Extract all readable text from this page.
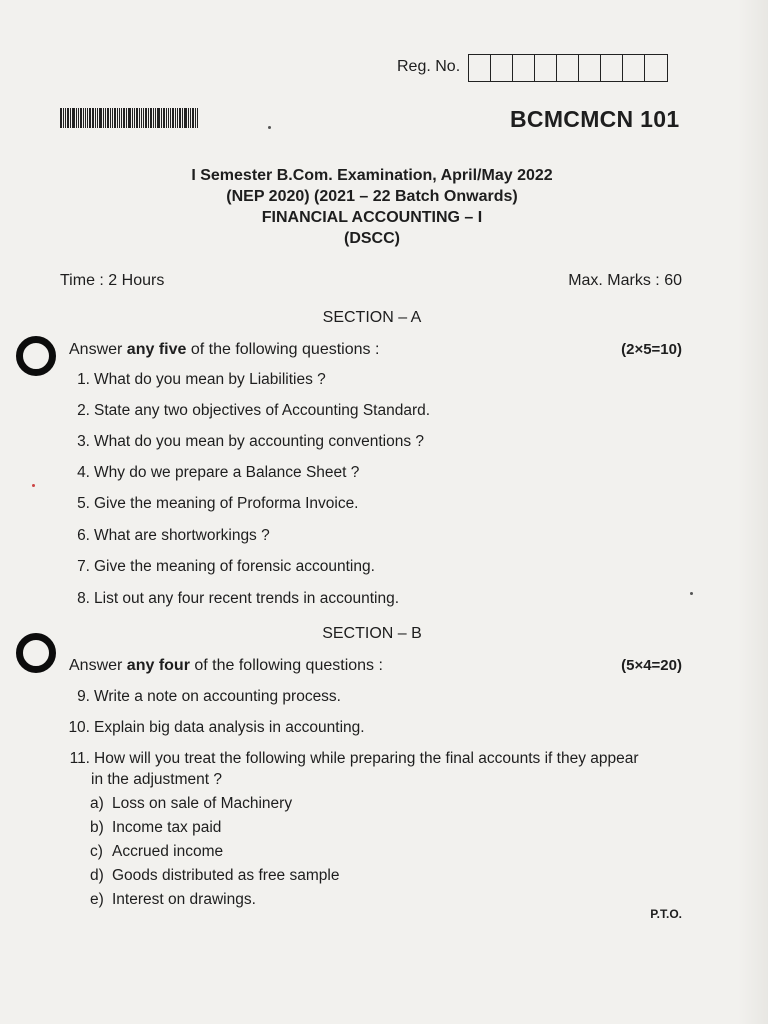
Reg. No.
BCMCMCN 101
I Semester B.Com. Examination, April/May 2022
(NEP 2020) (2021 – 22 Batch Onwards)
FINANCIAL ACCOUNTING – I
(DSCC)
Time : 2 Hours	Max. Marks : 60
SECTION – A
Answer any five of the following questions :	(2×5=10)
1. What do you mean by Liabilities ?
2. State any two objectives of Accounting Standard.
3. What do you mean by accounting conventions ?
4. Why do we prepare a Balance Sheet ?
5. Give the meaning of Proforma Invoice.
6. What are shortworkings ?
7. Give the meaning of forensic accounting.
8. List out any four recent trends in accounting.
SECTION – B
Answer any four of the following questions :	(5×4=20)
9. Write a note on accounting process.
10. Explain big data analysis in accounting.
11. How will you treat the following while preparing the final accounts if they appear
in the adjustment ?
a) Loss on sale of Machinery
b) Income tax paid
c) Accrued income
d) Goods distributed as free sample
e) Interest on drawings.
P.T.O.
